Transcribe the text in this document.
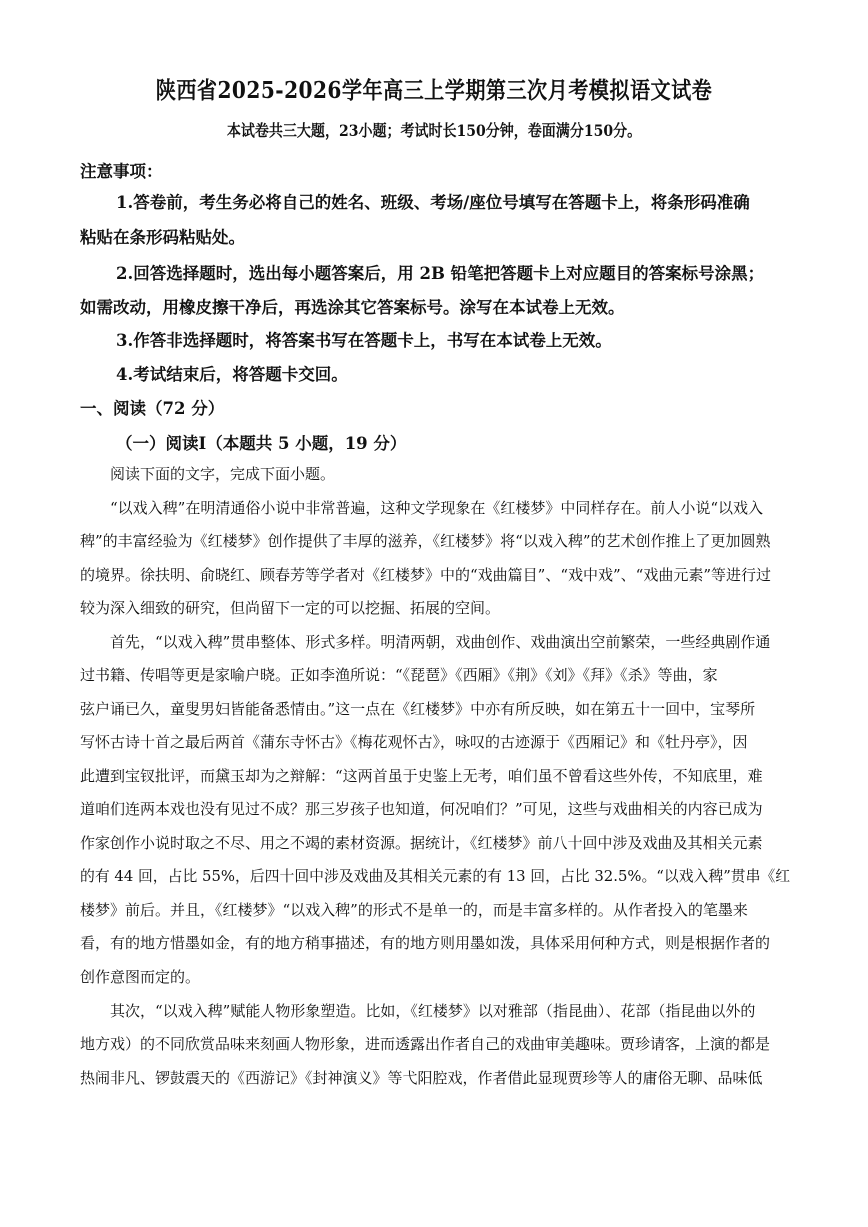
陕西省2025-2026学年高三上学期第三次月考模拟语文试卷
本试卷共三大题，23小题；考试时长150分钟，卷面满分150分。
注意事项：
1.答卷前，考生务必将自己的姓名、班级、考场/座位号填写在答题卡上，将条形码准确
粘贴在条形码粘贴处。
2.回答选择题时，选出每小题答案后，用 2B 铅笔把答题卡上对应题目的答案标号涂黑；
如需改动，用橡皮擦干净后，再选涂其它答案标号。涂写在本试卷上无效。
3.作答非选择题时，将答案书写在答题卡上，书写在本试卷上无效。
4.考试结束后，将答题卡交回。
一、阅读（72 分）
（一）阅读Ⅰ（本题共 5 小题，19 分）
阅读下面的文字，完成下面小题。
“以戏入稗”在明清通俗小说中非常普遍，这种文学现象在《红楼梦》中同样存在。前人小说“以戏入
稗”的丰富经验为《红楼梦》创作提供了丰厚的滋养，《红楼梦》将“以戏入稗”的艺术创作推上了更加圆熟
的境界。徐扶明、俞晓红、顾春芳等学者对《红楼梦》中的“戏曲篇目”、“戏中戏”、“戏曲元素”等进行过
较为深入细致的研究，但尚留下一定的可以挖掘、拓展的空间。
首先，“以戏入稗”贯串整体、形式多样。明清两朝，戏曲创作、戏曲演出空前繁荣，一些经典剧作通
过书籍、传唱等更是家喻户晓。正如李渔所说：“《琵琶》《西厢》《荆》《刘》《拜》《杀》等曲，家
弦户诵已久，童叟男妇皆能备悉情由。”这一点在《红楼梦》中亦有所反映，如在第五十一回中，宝琴所
写怀古诗十首之最后两首《蒲东寺怀古》《梅花观怀古》，咏叹的古迹源于《西厢记》和《牡丹亭》，因
此遭到宝钗批评，而黛玉却为之辩解：“这两首虽于史鉴上无考，咱们虽不曾看这些外传，不知底里，难
道咱们连两本戏也没有见过不成？那三岁孩子也知道，何况咱们？”可见，这些与戏曲相关的内容已成为
作家创作小说时取之不尽、用之不竭的素材资源。据统计，《红楼梦》前八十回中涉及戏曲及其相关元素
的有 44 回，占比 55%，后四十回中涉及戏曲及其相关元素的有 13 回，占比 32.5%。“以戏入稗”贯串《红
楼梦》前后。并且，《红楼梦》“以戏入稗”的形式不是单一的，而是丰富多样的。从作者投入的笔墨来
看，有的地方惜墨如金，有的地方稍事描述，有的地方则用墨如泼，具体采用何种方式，则是根据作者的
创作意图而定的。
其次，“以戏入稗”赋能人物形象塑造。比如，《红楼梦》以对雅部（指昆曲）、花部（指昆曲以外的
地方戏）的不同欣赏品味来刻画人物形象，进而透露出作者自己的戏曲审美趣味。贾珍请客，上演的都是
热闹非凡、锣鼓震天的《西游记》《封神演义》等弋阳腔戏，作者借此显现贾珍等人的庸俗无聊、品味低
